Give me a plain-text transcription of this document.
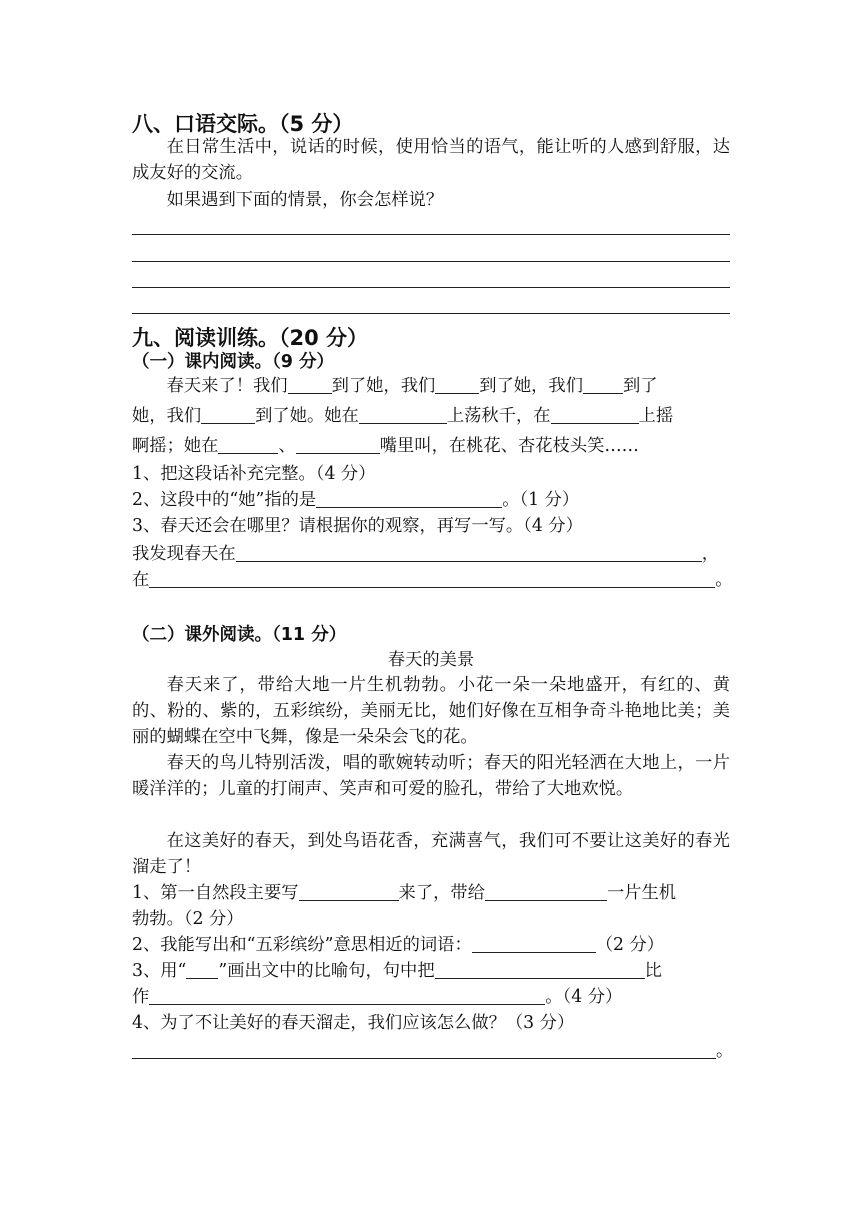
八、口语交际。（5 分）
在日常生活中，说话的时候，使用恰当的语气，能让听的人感到舒服，达成友好的交流。
如果遇到下面的情景，你会怎样说？
九、阅读训练。（20 分）
（一）课内阅读。（9 分）
春天来了！我们	到了她，我们	到了她，我们 到了
她，我们	到了她。她在	上荡秋千，在	上摇
啊摇；她在	、	嘴里叫，在桃花、杏花枝头笑……
1、把这段话补充完整。（4 分）
2、这段中的“她”指的是	。（1 分）
3、春天还会在哪里？请根据你的观察，再写一写。（4 分）
我发现春天在	，
在	。
（二）课外阅读。（11 分）
春天的美景
春天来了，带给大地一片生机勃勃。小花一朵一朵地盛开，有红的、黄的、粉的、紫的，五彩缤纷，美丽无比，她们好像在互相争奇斗艳地比美；美丽的蝴蝶在空中飞舞，像是一朵朵会飞的花。
春天的鸟儿特别活泼，唱的歌婉转动听；春天的阳光轻洒在大地上，一片暖洋洋的；儿童的打闹声、笑声和可爱的脸孔，带给了大地欢悦。
在这美好的春天，到处鸟语花香，充满喜气，我们可不要让这美好的春光溜走了！
1、第一自然段主要写	来了，带给	一片生机
勃勃。（2 分）
2、我能写出和“五彩缤纷”意思相近的词语：	（2 分）
3、用“ ”画出文中的比喻句，句中把	比
作	。（4 分）
4、为了不让美好的春天溜走，我们应该怎么做？（3 分）
。
